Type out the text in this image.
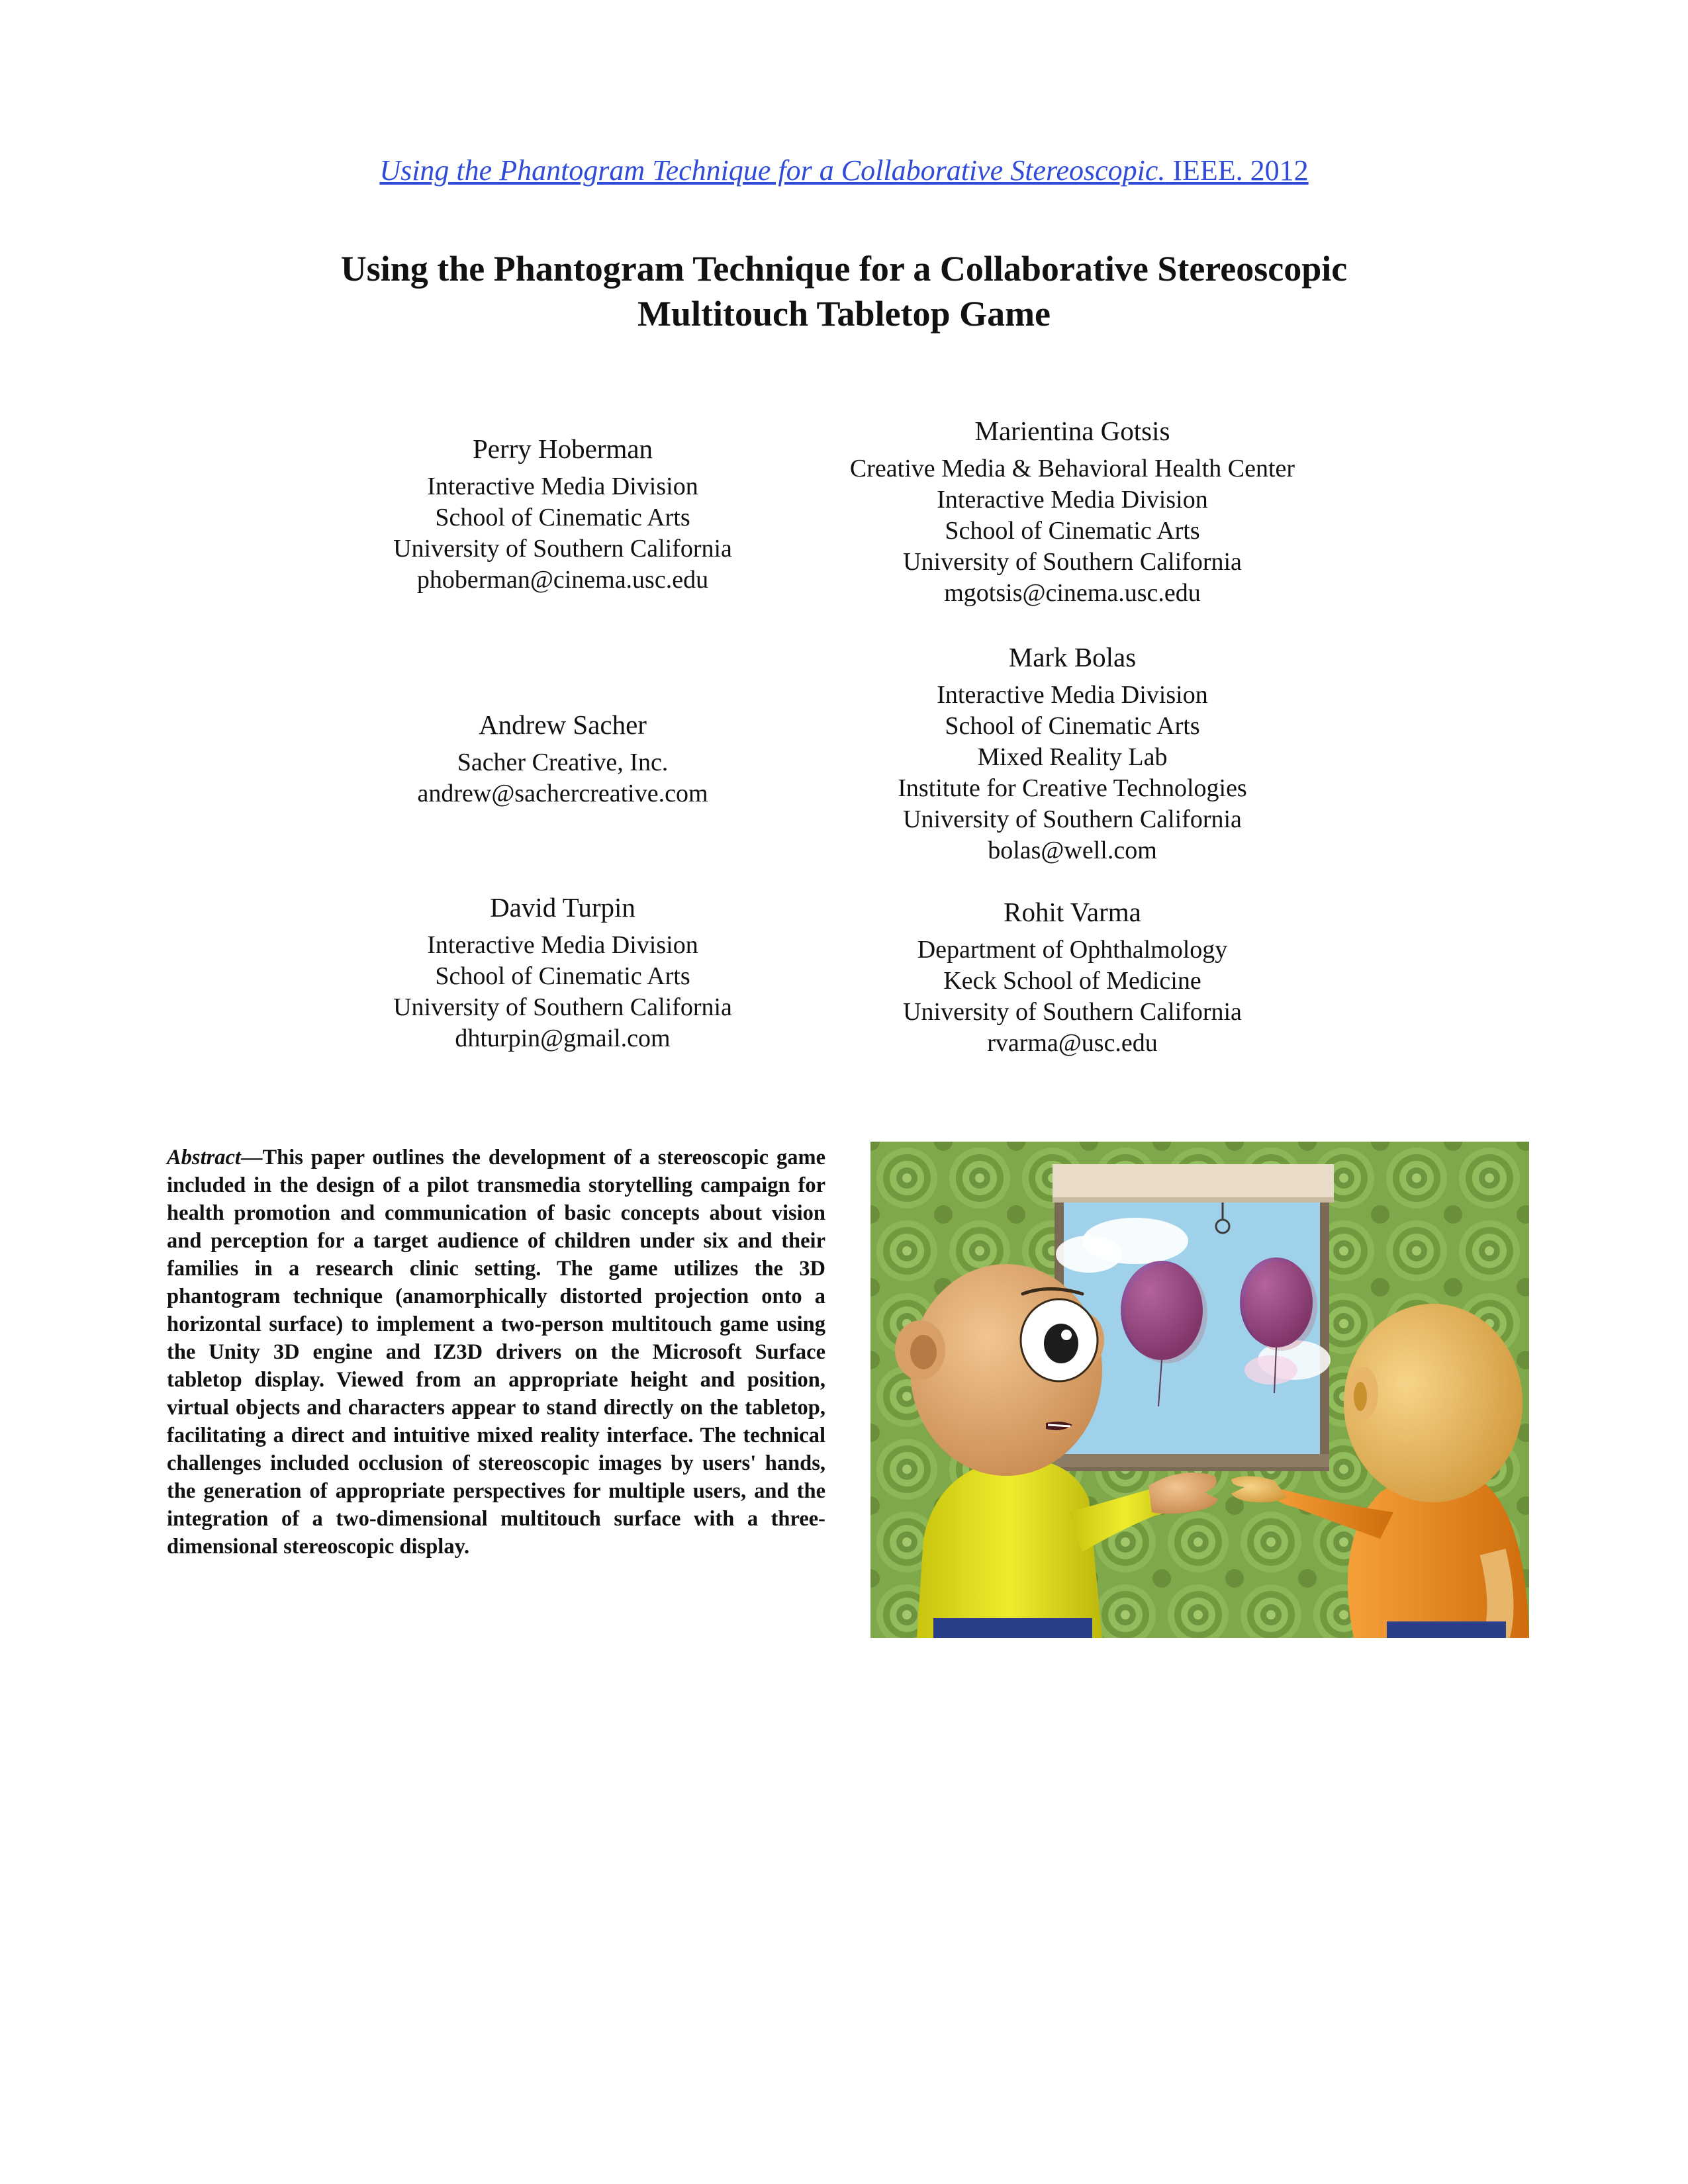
Using the Phantogram Technique for a Collaborative Stereoscopic. IEEE. 2012
Using the Phantogram Technique for a Collaborative Stereoscopic
Multitouch Tabletop Game
Perry Hoberman
Interactive Media Division
School of Cinematic Arts
University of Southern California
phoberman@cinema.usc.edu
Marientina Gotsis
Creative Media & Behavioral Health Center
Interactive Media Division
School of Cinematic Arts
University of Southern California
mgotsis@cinema.usc.edu
Mark Bolas
Interactive Media Division
School of Cinematic Arts
Mixed Reality Lab
Institute for Creative Technologies
University of Southern California
bolas@well.com
Andrew Sacher
Sacher Creative, Inc.
andrew@sachercreative.com
David Turpin
Interactive Media Division
School of Cinematic Arts
University of Southern California
dhturpin@gmail.com
Rohit Varma
Department of Ophthalmology
Keck School of Medicine
University of Southern California
rvarma@usc.edu
Abstract—This paper outlines the development of a stereoscopic game included in the design of a pilot transmedia storytelling campaign for health promotion and communication of basic concepts about vision and perception for a target audience of children under six and their families in a research clinic setting. The game utilizes the 3D phantogram technique (anamorphically distorted projection onto a horizontal surface) to implement a two-person multitouch game using the Unity 3D engine and IZ3D drivers on the Microsoft Surface tabletop display. Viewed from an appropriate height and position, virtual objects and characters appear to stand directly on the tabletop, facilitating a direct and intuitive mixed reality interface. The technical challenges included occlusion of stereoscopic images by users' hands, the generation of appropriate perspectives for multiple users, and the integration of a two-dimensional multitouch surface with a three-dimensional stereoscopic display.
